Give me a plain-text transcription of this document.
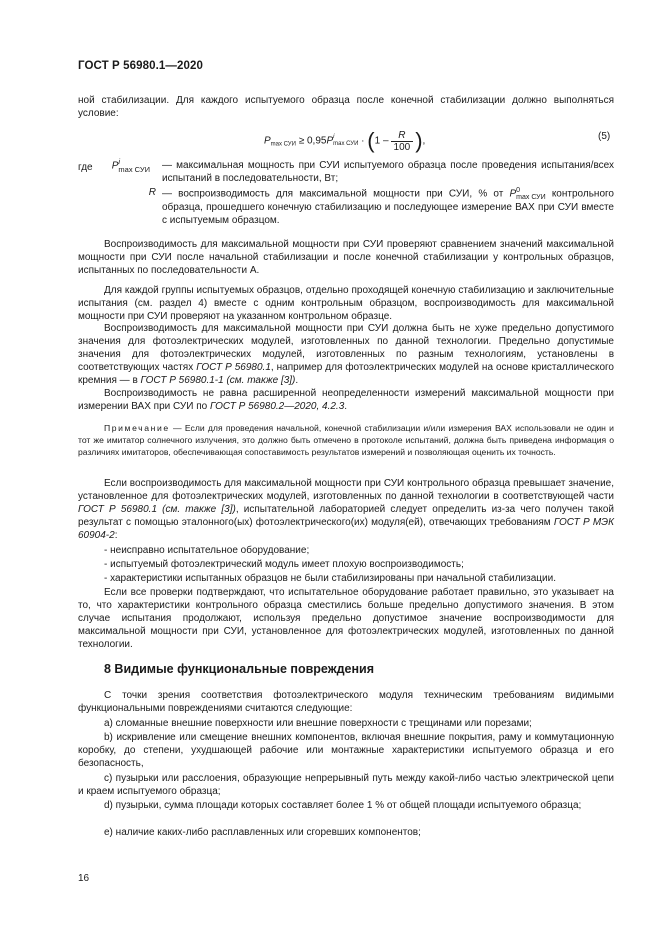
ГОСТ Р 56980.1—2020
ной стабилизации. Для каждого испытуемого образца после конечной стабилизации должно выполняться условие:
$P_{max СУИ} \ge 0,95P$ i
max СУИ · ($1 - \frac{R}{100}$ ),	(5)
где	P i
max СУИ — максимальная мощность при СУИ испытуемого образца после проведения испытания/всех испытаний в последовательности, Вт;
R — воспроизводимость для максимальной мощности при СУИ, % от P 0
max СУИ контрольного образца, прошедшего конечную стабилизацию и последующее измерение ВАХ при СУИ вместе с испытуемым образцом.
Воспроизводимость для максимальной мощности при СУИ проверяют сравнением значений максимальной мощности при СУИ после начальной стабилизации и после конечной стабилизации у контрольных образцов, испытанных по последовательности А.
Для каждой группы испытуемых образцов, отдельно проходящей конечную стабилизацию и заключительные испытания (см. раздел 4) вместе с одним контрольным образцом, воспроизводимость для максимальной мощности при СУИ проверяют на указанном контрольном образце.
Воспроизводимость для максимальной мощности при СУИ должна быть не хуже предельно допустимого значения для фотоэлектрических модулей, изготовленных по данной технологии. Предельно допустимые значения для фотоэлектрических модулей, изготовленных по разным технологиям, установлены в соответствующих частях ГОСТ Р 56980.1, например для фотоэлектрических модулей на основе кристаллического кремния — в ГОСТ Р 56980.1-1 (см. также [3]).
Воспроизводимость не равна расширенной неопределенности измерений максимальной мощности при измерении ВАХ при СУИ по ГОСТ Р 56980.2—2020, 4.2.3.
Примечание — Если для проведения начальной, конечной стабилизации и/или измерения ВАХ использовали не один и тот же имитатор солнечного излучения, это должно быть отмечено в протоколе испытаний, должна быть приведена информация о различиях имитаторов, обеспечивающая сопоставимость результатов измерений и позволяющая оценить их точность.
Если воспроизводимость для максимальной мощности при СУИ контрольного образца превышает значение, установленное для фотоэлектрических модулей, изготовленных по данной технологии в соответствующей части ГОСТ Р 56980.1 (см. также [3]), испытательной лабораторией следует определить из-за чего получен такой результат с помощью эталонного(ых) фотоэлектрического(их) модуля(ей), отвечающих требованиям ГОСТ Р МЭК 60904-2:
- неисправно испытательное оборудование;
- испытуемый фотоэлектрический модуль имеет плохую воспроизводимость;
- характеристики испытанных образцов не были стабилизированы при начальной стабилизации.
Если все проверки подтверждают, что испытательное оборудование работает правильно, это указывает на то, что характеристики контрольного образца сместились больше предельно допустимого значения. В этом случае испытания продолжают, используя предельно допустимое значение воспроизводимости для максимальной мощности при СУИ, установленное для фотоэлектрических модулей, изготовленных по данной технологии.
8 Видимые функциональные повреждения
С точки зрения соответствия фотоэлектрического модуля техническим требованиям видимыми функциональными повреждениями считаются следующие:
a) сломанные внешние поверхности или внешние поверхности с трещинами или порезами;
b) искривление или смещение внешних компонентов, включая внешние покрытия, раму и коммутационную коробку, до степени, ухудшающей рабочие или монтажные характеристики испытуемого образца и его безопасность,
c) пузырьки или расслоения, образующие непрерывный путь между какой-либо частью электрической цепи и краем испытуемого образца;
d) пузырьки, сумма площади которых составляет более 1 % от общей площади испытуемого образца;
e) наличие каких-либо расплавленных или сгоревших компонентов;
16
